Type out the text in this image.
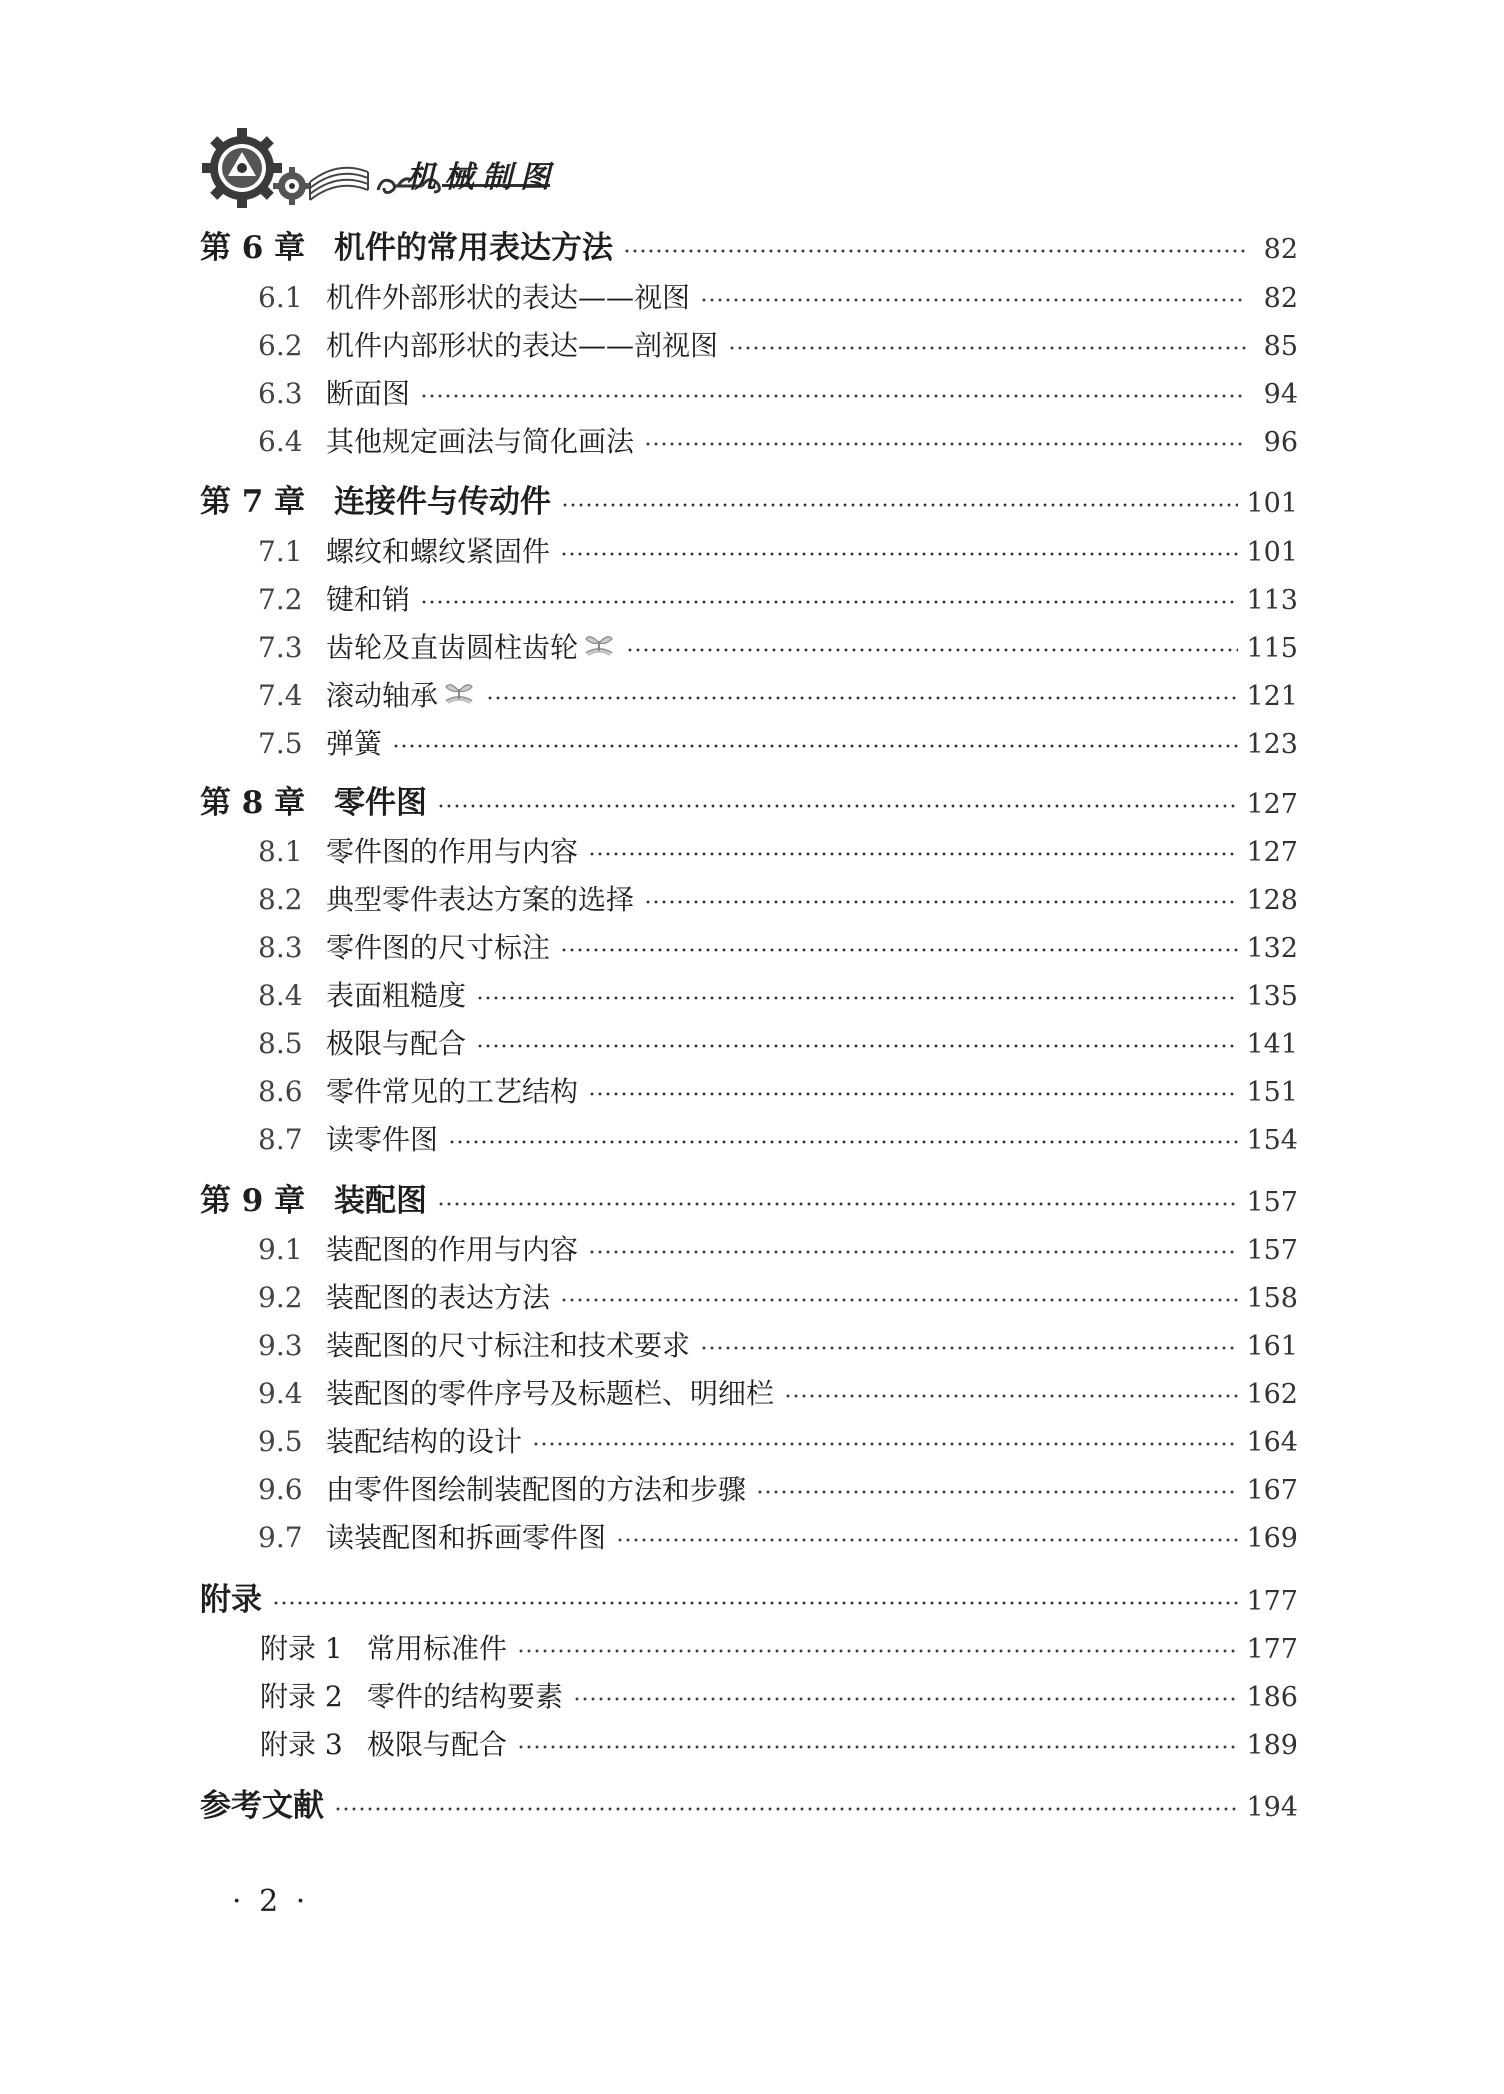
机械制图
第 6 章 机件的常用表达方法	82
6.1 机件外部形状的表达——视图	82
6.2 机件内部形状的表达——剖视图	85
6.3 断面图	94
6.4 其他规定画法与简化画法	96
第 7 章 连接件与传动件	101
7.1 螺纹和螺纹紧固件	101
7.2 键和销	113
7.3 齿轮及直齿圆柱齿轮	115
7.4 滚动轴承	121
7.5 弹簧	123
第 8 章 零件图	127
8.1 零件图的作用与内容	127
8.2 典型零件表达方案的选择	128
8.3 零件图的尺寸标注	132
8.4 表面粗糙度	135
8.5 极限与配合	141
8.6 零件常见的工艺结构	151
8.7 读零件图	154
第 9 章 装配图	157
9.1 装配图的作用与内容	157
9.2 装配图的表达方法	158
9.3 装配图的尺寸标注和技术要求	161
9.4 装配图的零件序号及标题栏、明细栏	162
9.5 装配结构的设计	164
9.6 由零件图绘制装配图的方法和步骤	167
9.7 读装配图和拆画零件图	169
附录	177
附录 1 常用标准件	177
附录 2 零件的结构要素	186
附录 3 极限与配合	189
参考文献	194
· 2 ·
